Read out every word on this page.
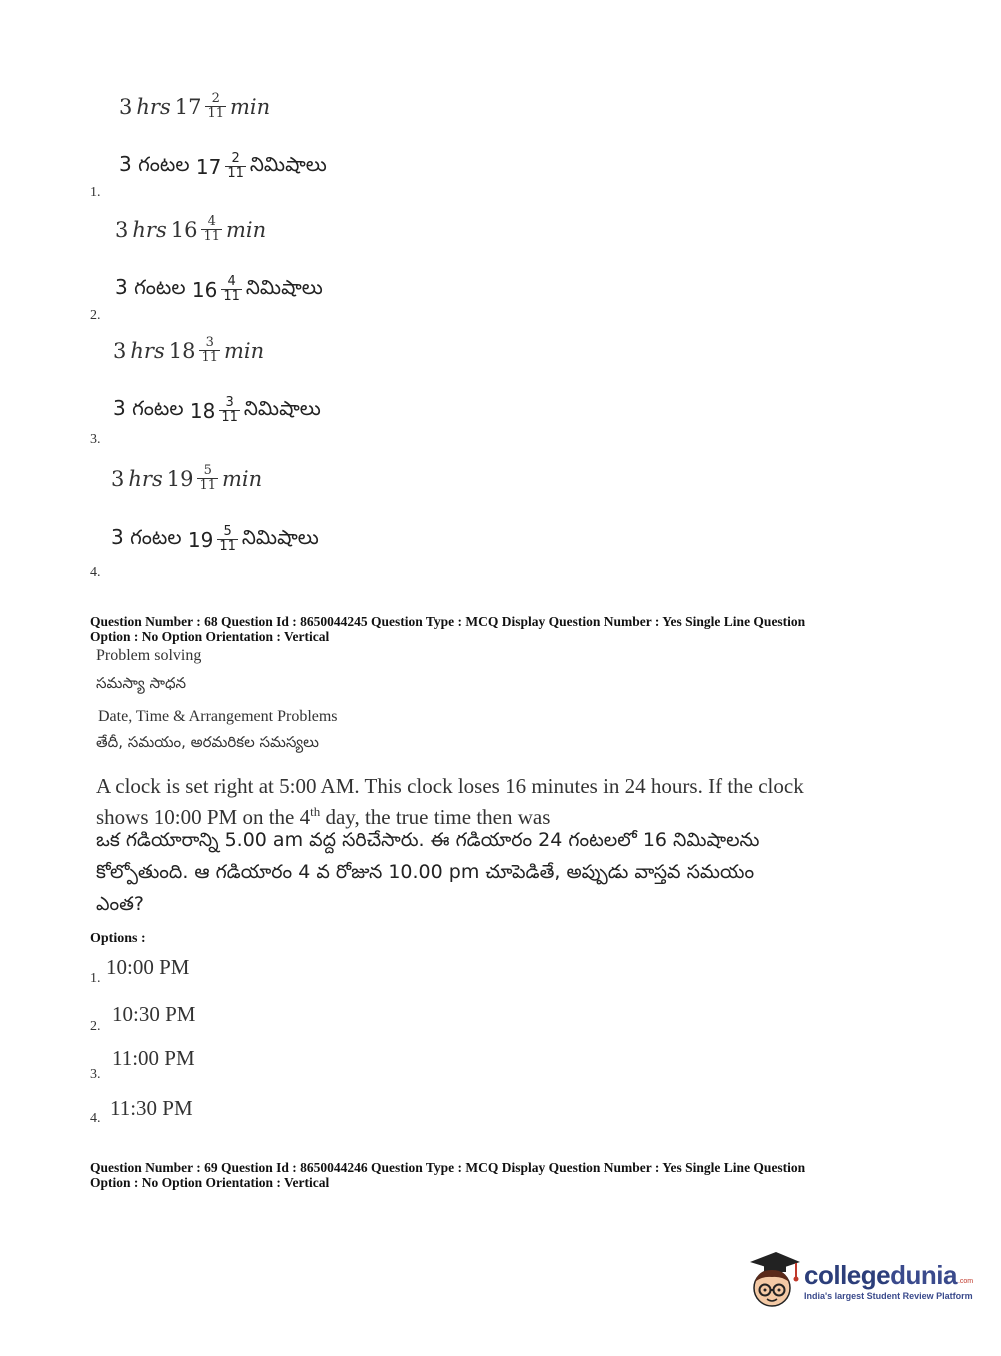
3 hrs $17 \frac{2}{11}$ min
3 గంటల
$17 \frac{2}{11}$ నిమిషాలు
1.
3 hrs $16 \frac{4}{11}$ min
3 గంటల
$16 \frac{4}{11}$ నిమిషాలు
2.
3 hrs $18 \frac{3}{11}$ min
3 గంటల
$18 \frac{3}{11}$ నిమిషాలు
3.
3 hrs $19 \frac{5}{11}$ min
3 గంటల
$19 \frac{5}{11}$ నిమిషాలు
4.
Question Number : 68 Question Id : 8650044245 Question Type : MCQ Display Question Number : Yes Single Line Question
Option : No Option Orientation : Vertical
Problem solving
సమస్యా సాధన
Date, Time & Arrangement Problems
తేదీ, సమయం, అరమరికల సమస్యలు
A clock is set right at 5:00 AM. This clock loses 16 minutes in 24 hours. If the clock
shows 10:00 PM on the 4th day, the true time then was
ఒక గడియారాన్ని 5.00 am వద్ద సరిచేసారు. ఈ గడియారం 24 గంటలలో 16 నిమిషాలను
కోల్పోతుంది. ఆ గడియారం 4 వ రోజున 10.00 pm చూపెడితే, అప్పుడు వాస్తవ సమయం
ఎంత?
Options :
10:00 PM
1.
10:30 PM
2.
11:00 PM
3.
11:30 PM
4.
Question Number : 69 Question Id : 8650044246 Question Type : MCQ Display Question Number : Yes Single Line Question
Option : No Option Orientation : Vertical
college dunia .com
India's largest Student Review Platform
